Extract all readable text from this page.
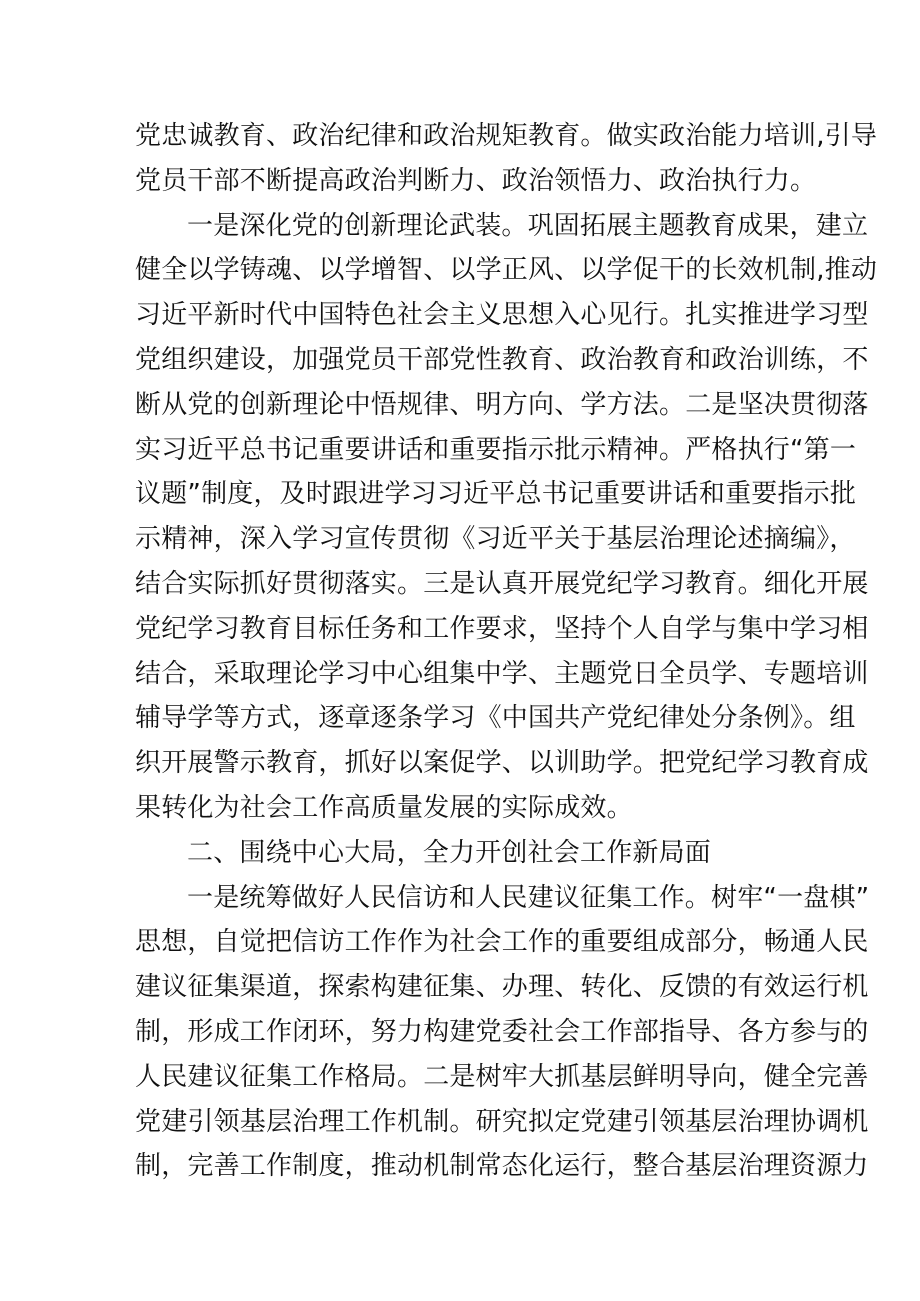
党忠诚教育、政治纪律和政治规矩教育。做实政治能力培训,引导
党员干部不断提高政治判断力、政治领悟力、政治执行力。
一是深化党的创新理论武装。巩固拓展主题教育成果，建立
健全以学铸魂、以学增智、以学正风、以学促干的长效机制,推动
习近平新时代中国特色社会主义思想入心见行。扎实推进学习型
党组织建设，加强党员干部党性教育、政治教育和政治训练，不
断从党的创新理论中悟规律、明方向、学方法。二是坚决贯彻落
实习近平总书记重要讲话和重要指示批示精神。严格执行“第一
议题”制度，及时跟进学习习近平总书记重要讲话和重要指示批
示精神，深入学习宣传贯彻《习近平关于基层治理论述摘编》，
结合实际抓好贯彻落实。三是认真开展党纪学习教育。细化开展
党纪学习教育目标任务和工作要求，坚持个人自学与集中学习相
结合，采取理论学习中心组集中学、主题党日全员学、专题培训
辅导学等方式，逐章逐条学习《中国共产党纪律处分条例》。组
织开展警示教育，抓好以案促学、以训助学。把党纪学习教育成
果转化为社会工作高质量发展的实际成效。
二、围绕中心大局，全力开创社会工作新局面
一是统筹做好人民信访和人民建议征集工作。树牢“一盘棋”
思想，自觉把信访工作作为社会工作的重要组成部分，畅通人民
建议征集渠道，探索构建征集、办理、转化、反馈的有效运行机
制，形成工作闭环，努力构建党委社会工作部指导、各方参与的
人民建议征集工作格局。二是树牢大抓基层鲜明导向，健全完善
党建引领基层治理工作机制。研究拟定党建引领基层治理协调机
制，完善工作制度，推动机制常态化运行，整合基层治理资源力
